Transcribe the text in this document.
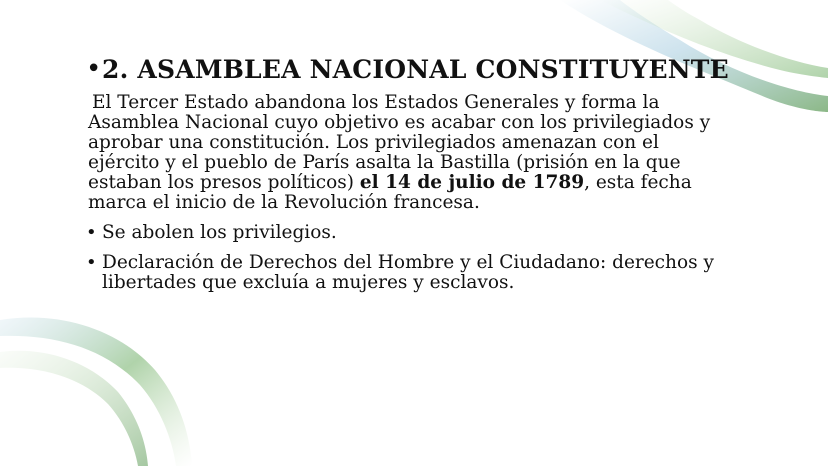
• 2. ASAMBLEA NACIONAL CONSTITUYENTE

El Tercer Estado abandona los Estados Generales y forma la Asamblea Nacional cuyo objetivo es acabar con los privilegiados y aprobar una constitución. Los privilegiados amenazan con el ejército y el pueblo de París asalta la Bastilla (prisión en la que estaban los presos políticos) el 14 de julio de 1789, esta fecha marca el inicio de la Revolución francesa.

• Se abolen los privilegios.
• Declaración de Derechos del Hombre y el Ciudadano: derechos y libertades que excluía a mujeres y esclavos.
